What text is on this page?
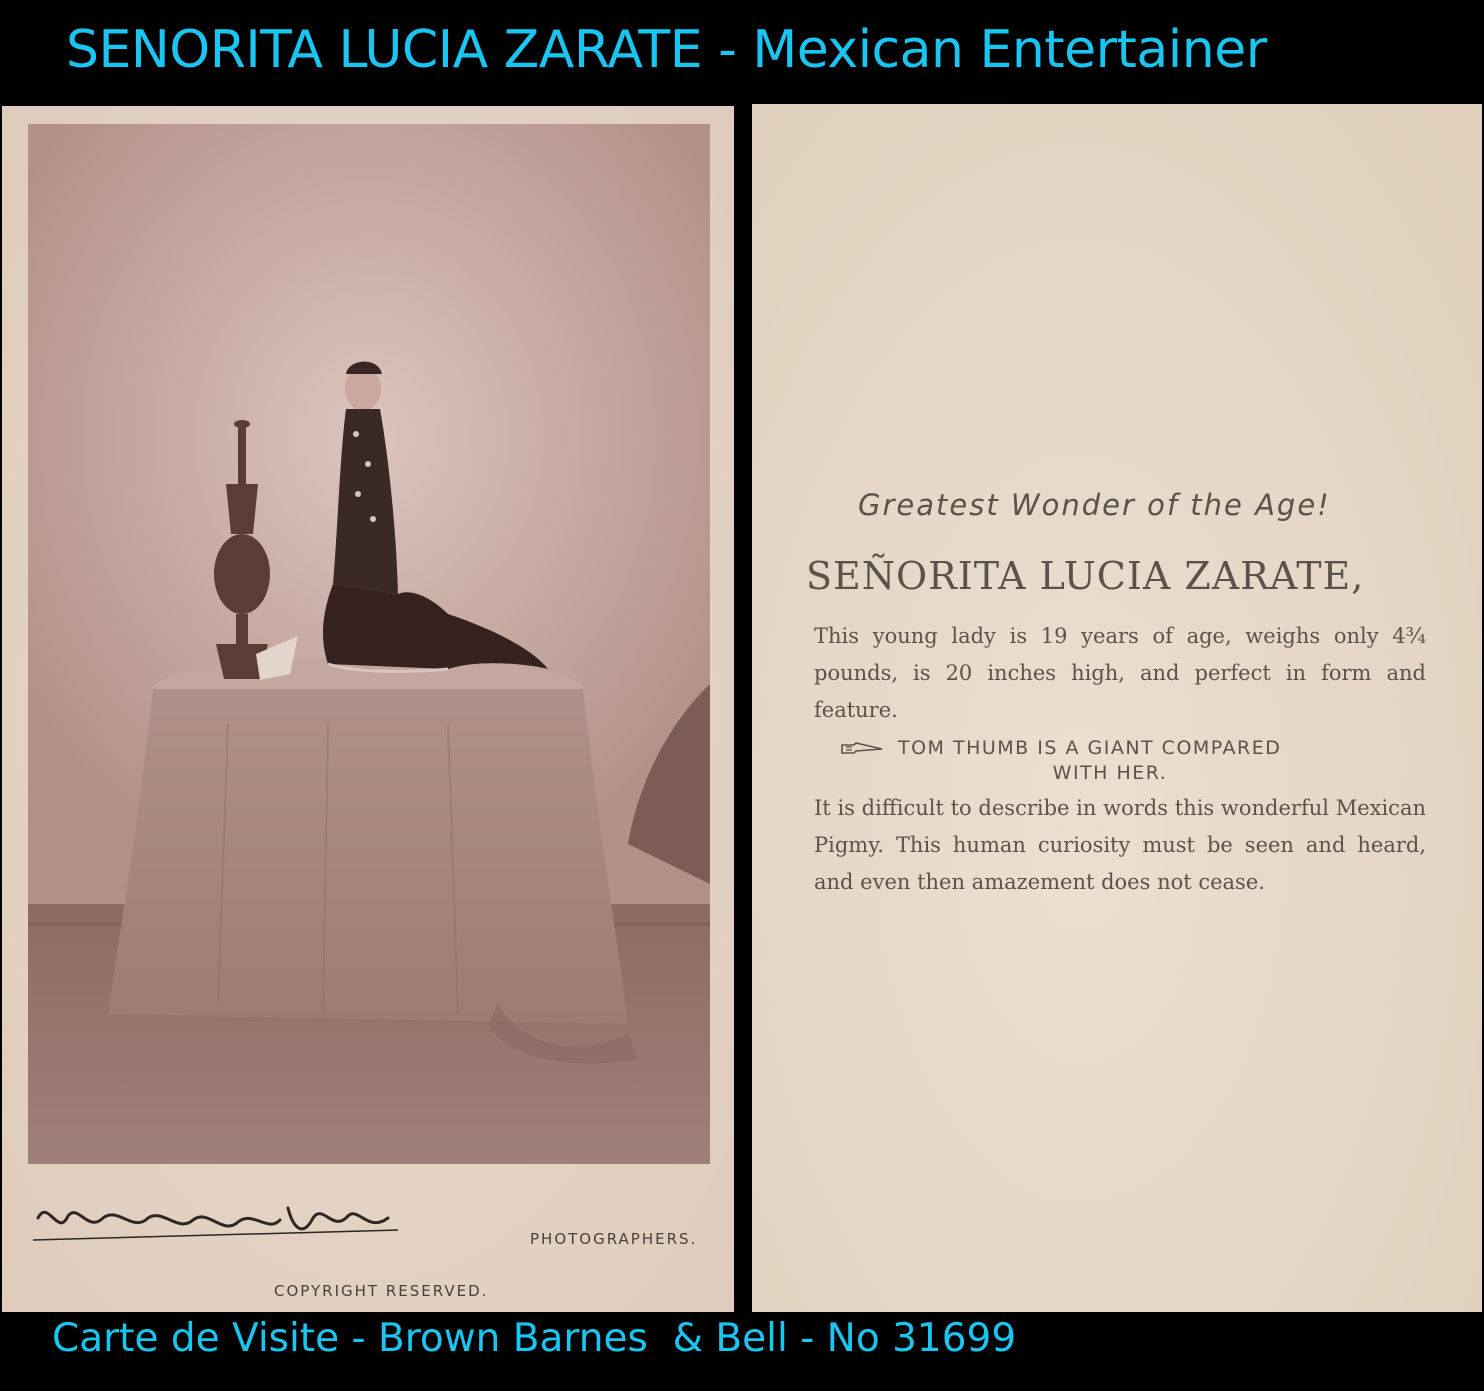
SENORITA LUCIA ZARATE - Mexican Entertainer

PHOTOGRAPHERS.

COPYRIGHT RESERVED.

Greatest Wonder of the Age!

SEÑORITA LUCIA ZARATE,

This young lady is 19 years of age, weighs only 4¾ pounds, is 20 inches high, and perfect in form and feature.

TOM THUMB IS A GIANT COMPARED
WITH HER.

It is difficult to describe in words this wonderful Mexican Pigmy. This human curiosity must be seen and heard, and even then amazement does not cease.

Carte de Visite - Brown Barnes  & Bell - No 31699
